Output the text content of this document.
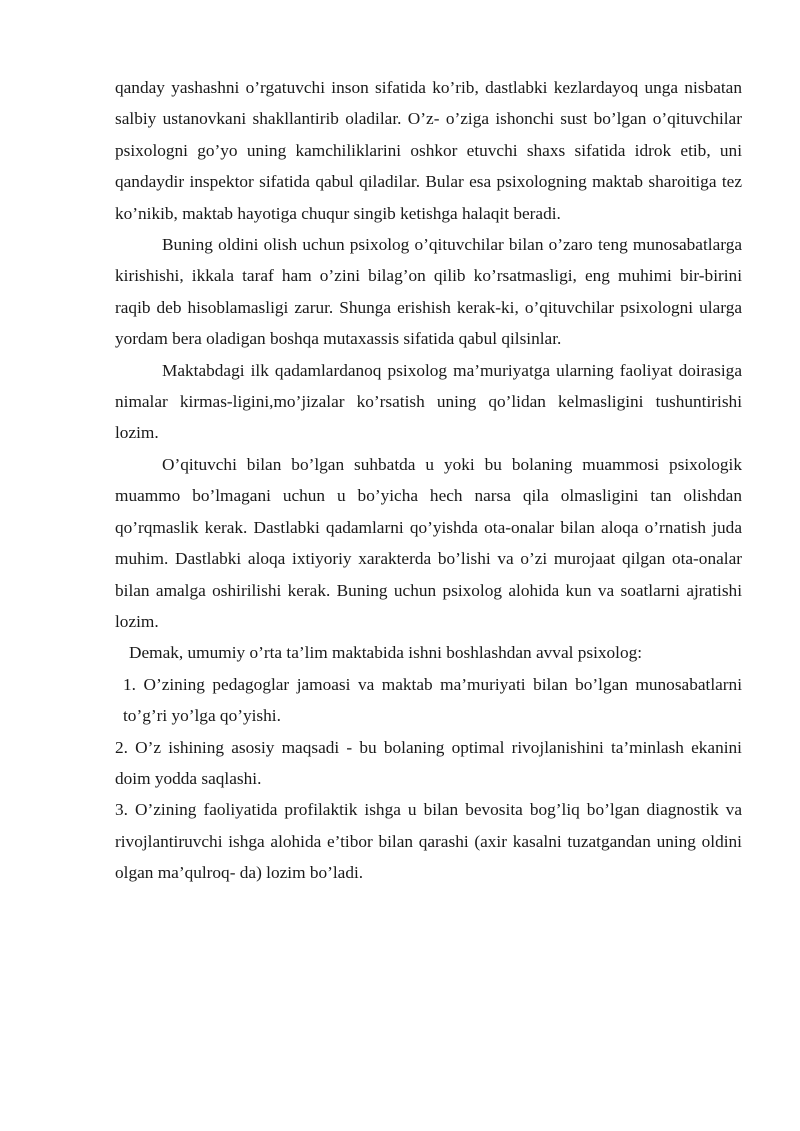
qanday yashashni o’rgatuvchi inson sifatida ko’rib, dastlabki kezlardayoq unga nisbatan salbiy ustanovkani shakllantirib oladilar. O’z- o’ziga ishonchi sust bo’lgan o’qituvchilar psixologni go’yo uning kamchiliklarini oshkor etuvchi shaxs sifatida idrok etib, uni qandaydir inspektor sifatida qabul qiladilar. Bular esa psixologning maktab sharoitiga tez ko’nikib, maktab hayotiga chuqur singib ketishga halaqit beradi.

Buning oldini olish uchun psixolog o’qituvchilar bilan o’zaro teng munosabatlarga kirishishi, ikkala taraf ham o’zini bilag’on qilib ko’rsatmasligi, eng muhimi bir-birini raqib deb hisoblamasligi zarur. Shunga erishish kerak-ki, o’qituvchilar psixologni ularga yordam bera oladigan boshqa mutaxassis sifatida qabul qilsinlar.

Maktabdagi ilk qadamlardanoq psixolog ma’muriyatga ularning faoliyat doirasiga nimalar kirmas-ligini,mo’jizalar ko’rsatish uning qo’lidan kelmasligini tushuntirishi lozim.

O’qituvchi bilan bo’lgan suhbatda u yoki bu bolaning muammosi psixologik muammo bo’lmagani uchun u bo’yicha hech narsa qila olmasligini tan olishdan qo’rqmaslik kerak. Dastlabki qadamlarni qo’yishda ota-onalar bilan aloqa o’rnatish juda muhim. Dastlabki aloqa ixtiyoriy xarakterda bo’lishi va o’zi murojaat qilgan ota-onalar bilan amalga oshirilishi kerak. Buning uchun psixolog alohida kun va soatlarni ajratishi lozim.

Demak, umumiy o’rta ta’lim maktabida ishni boshlashdan avval psixolog:

1. O’zining pedagoglar jamoasi va maktab ma’muriyati bilan bo’lgan munosabatlarni to’g’ri yo’lga qo’yishi.

2. O’z ishining asosiy maqsadi - bu bolaning optimal rivojlanishini ta’minlash ekanini doim yodda saqlashi.

3. O’zining faoliyatida profilaktik ishga u bilan bevosita bog’liq bo’lgan diagnostik va rivojlantiruvchi ishga alohida e’tibor bilan qarashi (axir kasalni tuzatgandan uning oldini olgan ma’qulroq- da) lozim bo’ladi.
